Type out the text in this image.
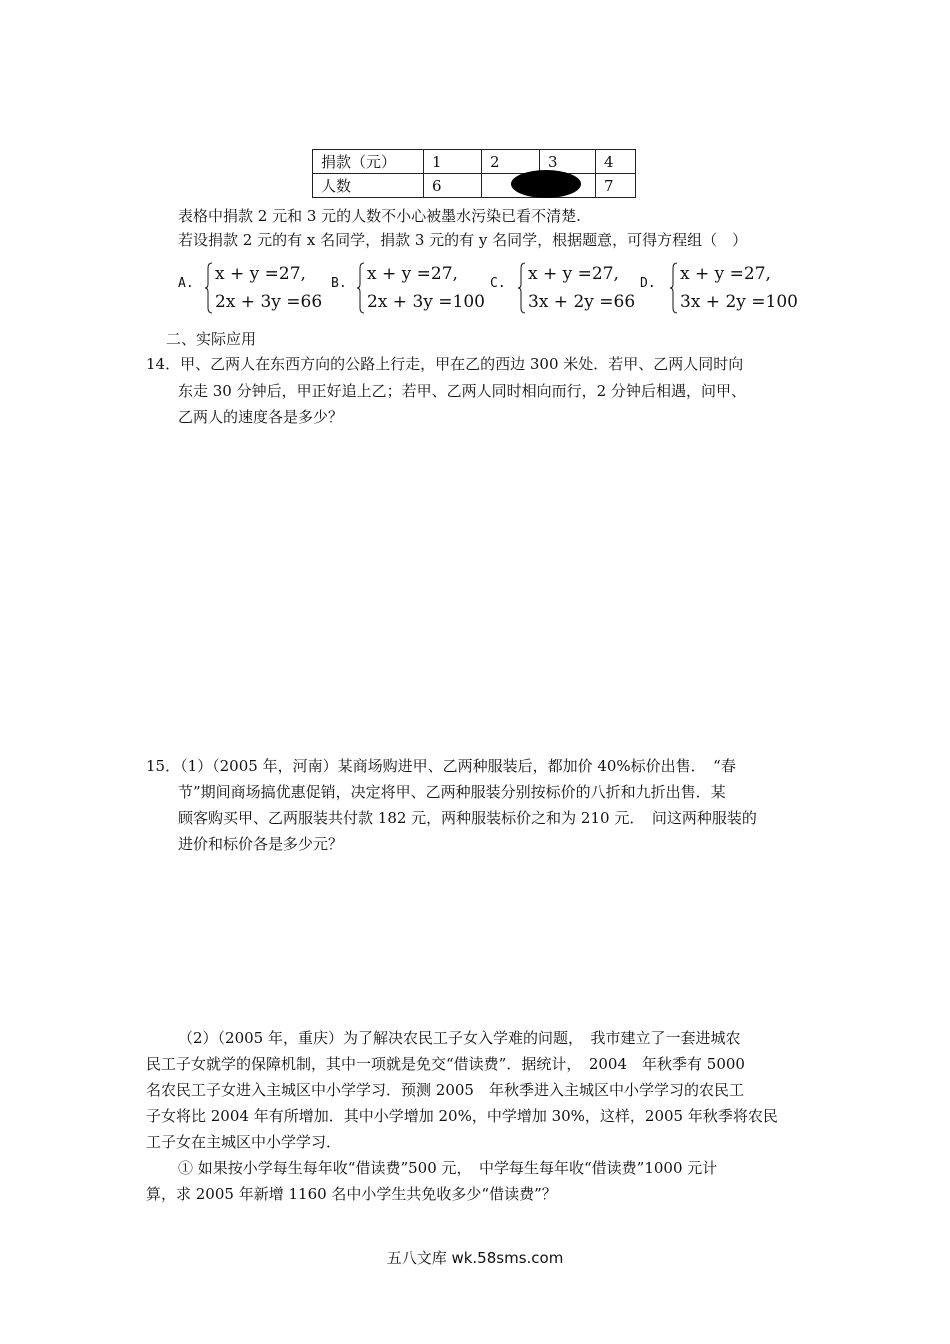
捐款（元）	1	2	3	4
人数	6			7
表格中捐款 2 元和 3 元的人数不小心被墨水污染已看不清楚.
若设捐款 2 元的有 x 名同学，捐款 3 元的有 y 名同学，根据题意，可得方程组（　）
A. x + y =27,
2x + 3y =66
B. x + y =27,
2x + 3y =100
C. x + y =27,
3x + 2y =66
D. x + y =27,
3x + 2y =100
二、实际应用
14．甲、乙两人在东西方向的公路上行走，甲在乙的西边 300 米处．若甲、乙两人同时向
东走 30 分钟后，甲正好追上乙；若甲、乙两人同时相向而行，2 分钟后相遇，问甲、
乙两人的速度各是多少？
15．（1）（2005 年，河南）某商场购进甲、乙两种服装后，都加价 40%标价出售．　“春
节”期间商场搞优惠促销，决定将甲、乙两种服装分别按标价的八折和九折出售．某
顾客购买甲、乙两服装共付款 182 元，两种服装标价之和为 210 元．　问这两种服装的
进价和标价各是多少元？
（2）（2005 年，重庆）为了解决农民工子女入学难的问题，　我市建立了一套进城农
民工子女就学的保障机制，其中一项就是免交“借读费”．据统计，　2004　年秋季有 5000
名农民工子女进入主城区中小学学习．预测 2005　年秋季进入主城区中小学学习的农民工
子女将比 2004 年有所增加．其中小学增加 20%，中学增加 30%，这样，2005 年秋季将农民
工子女在主城区中小学学习．
① 如果按小学每生每年收“借读费”500 元，　中学每生每年收“借读费”1000 元计
算，求 2005 年新增 1160 名中小学生共免收多少“借读费”？
五八文库 wk.58sms.com
